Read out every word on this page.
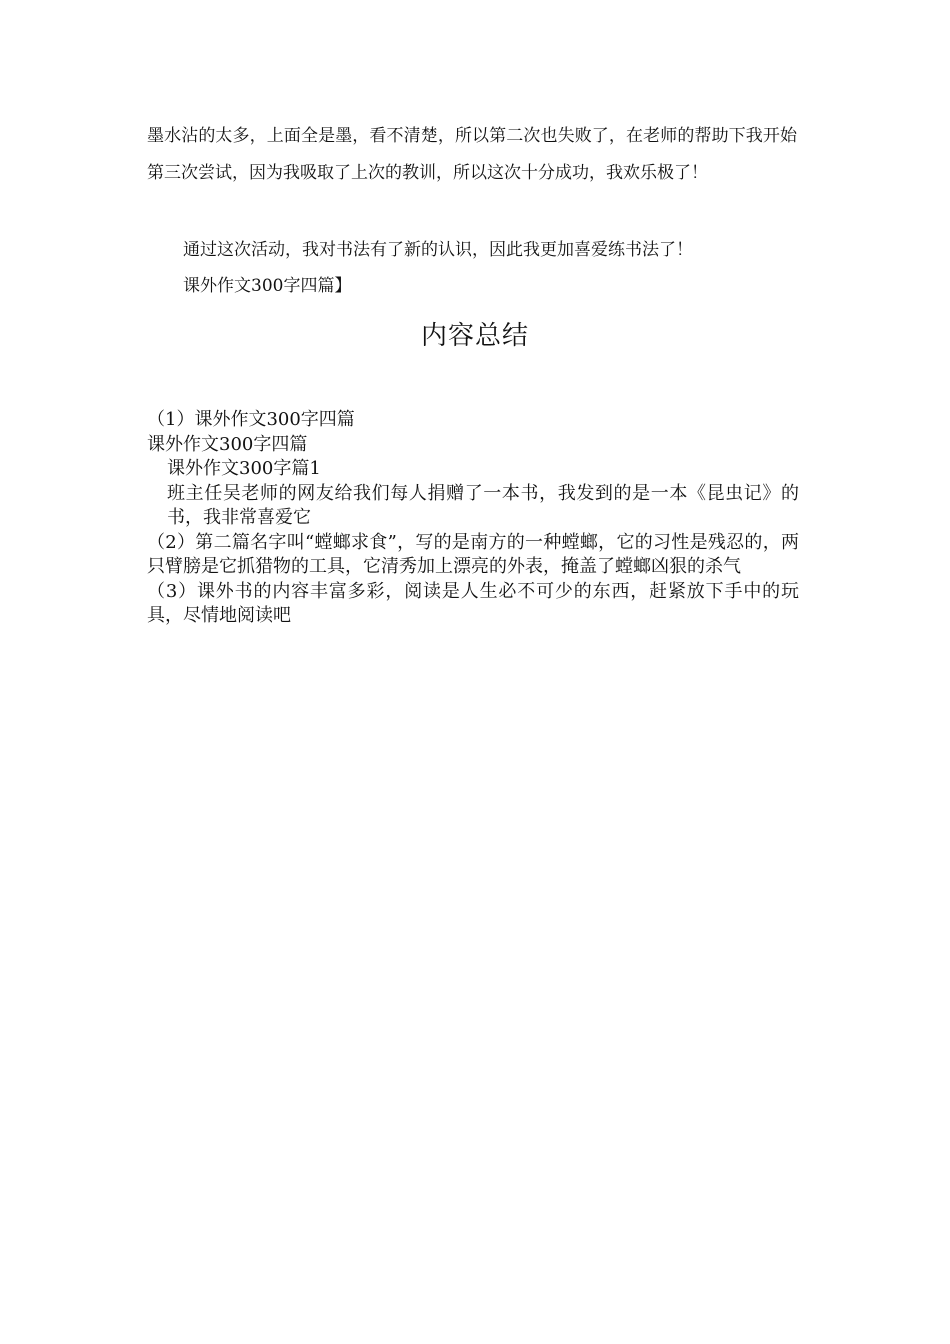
墨水沾的太多，上面全是墨，看不清楚，所以第二次也失败了，在老师的帮助下我开始第三次尝试，因为我吸取了上次的教训，所以这次十分成功，我欢乐极了！
通过这次活动，我对书法有了新的认识，因此我更加喜爱练书法了！
课外作文300字四篇】
内容总结
（1）课外作文300字四篇
课外作文300字四篇
课外作文300字篇1
班主任吴老师的网友给我们每人捐赠了一本书，我发到的是一本《昆虫记》的书，我非常喜爱它
（2）第二篇名字叫“螳螂求食”，写的是南方的一种螳螂，它的习性是残忍的，两只臂膀是它抓猎物的工具，它清秀加上漂亮的外表，掩盖了螳螂凶狠的杀气
（3）课外书的内容丰富多彩，阅读是人生必不可少的东西，赶紧放下手中的玩具，尽情地阅读吧
